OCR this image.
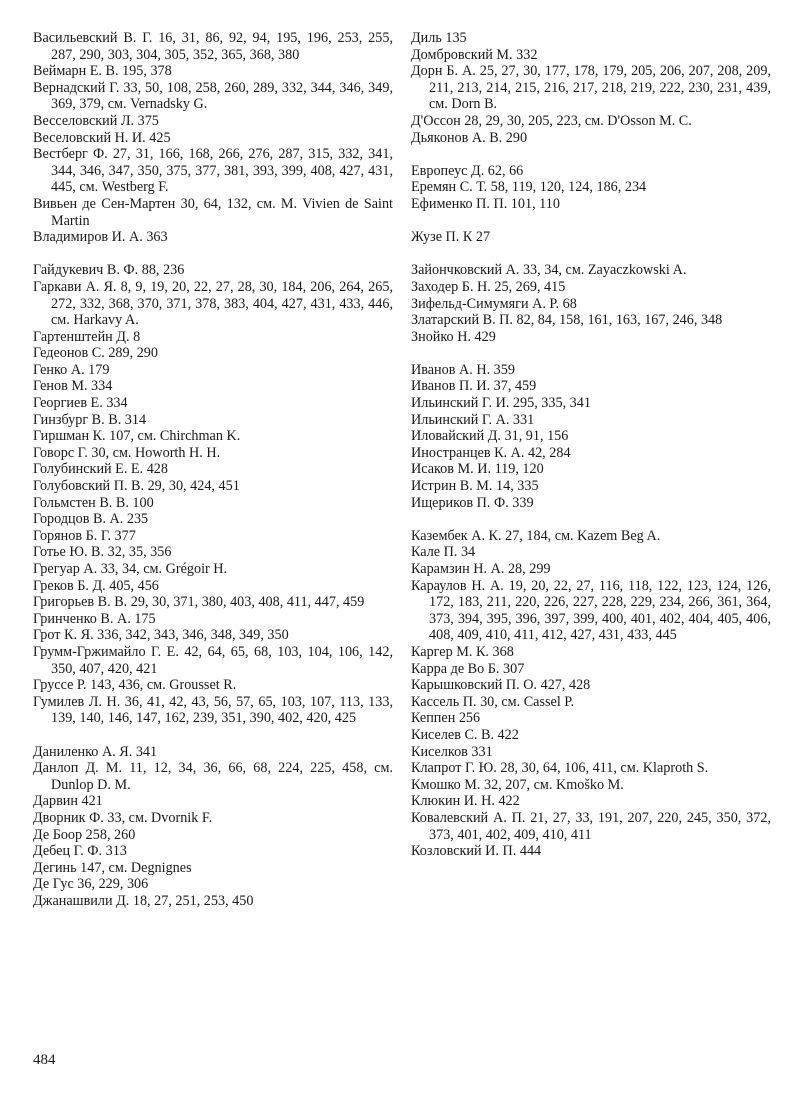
Васильевский В. Г. 16, 31, 86, 92, 94, 195, 196, 253, 255, 287, 290, 303, 304, 305, 352, 365, 368, 380

Веймарн Е. В. 195, 378

Вернадский Г. 33, 50, 108, 258, 260, 289, 332, 344, 346, 349, 369, 379, см. Vernadsky G.

Весселовский Л. 375

Веселовский Н. И. 425

Вестберг Ф. 27, 31, 166, 168, 266, 276, 287, 315, 332, 341, 344, 346, 347, 350, 375, 377, 381, 393, 399, 408, 427, 431, 445, см. Westberg F.

Вивьен де Сен-Мартен 30, 64, 132, см. M. Vivien de Saint Martin

Владимиров И. А. 363

Гайдукевич В. Ф. 88, 236

Гаркави А. Я. 8, 9, 19, 20, 22, 27, 28, 30, 184, 206, 264, 265, 272, 332, 368, 370, 371, 378, 383, 404, 427, 431, 433, 446, см. Harkavy A.

Гартенштейн Д. 8

Гедеонов С. 289, 290

Генко А. 179

Генов М. 334

Георгиев Е. 334

Гинзбург В. В. 314

Гиршман К. 107, см. Chirchman K.

Говорс Г. 30, см. Howorth H. H.

Голубинский Е. Е. 428

Голубовский П. В. 29, 30, 424, 451

Гольмстен В. В. 100

Городцов В. А. 235

Горянов Б. Г. 377

Готье Ю. В. 32, 35, 356

Грегуар А. 33, 34, см. Grégoir H.

Греков Б. Д. 405, 456

Григорьев В. В. 29, 30, 371, 380, 403, 408, 411, 447, 459

Гринченко В. А. 175

Грот К. Я. 336, 342, 343, 346, 348, 349, 350

Грумм-Гржимайло Г. Е. 42, 64, 65, 68, 103, 104, 106, 142, 350, 407, 420, 421

Груссе Р. 143, 436, см. Grousset R.

Гумилев Л. Н. 36, 41, 42, 43, 56, 57, 65, 103, 107, 113, 133, 139, 140, 146, 147, 162, 239, 351, 390, 402, 420, 425

Даниленко А. Я. 341

Данлоп Д. М. 11, 12, 34, 36, 66, 68, 224, 225, 458, см. Dunlop D. M.

Дарвин 421

Дворник Ф. 33, см. Dvornik F.

Де Боор 258, 260

Дебец Г. Ф. 313

Дегинь 147, см. Degnignes

Де Гус 36, 229, 306

Джанашвили Д. 18, 27, 251, 253, 450

Диль 135

Домбровский М. 332

Дорн Б. А. 25, 27, 30, 177, 178, 179, 205, 206, 207, 208, 209, 211, 213, 214, 215, 216, 217, 218, 219, 222, 230, 231, 439, см. Dorn B.

Д'Оссон 28, 29, 30, 205, 223, см. D'Osson M. C.

Дьяконов А. В. 290

Европеус Д. 62, 66

Еремян С. Т. 58, 119, 120, 124, 186, 234

Ефименко П. П. 101, 110

Жузе П. К 27

Зайончковский А. 33, 34, см. Zayaczkowski A.

Заходер Б. Н. 25, 269, 415

Зифельд-Симумяги А. Р. 68

Златарский В. П. 82, 84, 158, 161, 163, 167, 246, 348

Знойко Н. 429

Иванов А. Н. 359

Иванов П. И. 37, 459

Ильинский Г. И. 295, 335, 341

Ильинский Г. А. 331

Иловайский Д. 31, 91, 156

Иностранцев К. А. 42, 284

Исаков М. И. 119, 120

Истрин В. М. 14, 335

Ищериков П. Ф. 339

Казембек А. К. 27, 184, см. Kazem Beg A.

Кале П. 34

Карамзин Н. А. 28, 299

Караулов Н. А. 19, 20, 22, 27, 116, 118, 122, 123, 124, 126, 172, 183, 211, 220, 226, 227, 228, 229, 234, 266, 361, 364, 373, 394, 395, 396, 397, 399, 400, 401, 402, 404, 405, 406, 408, 409, 410, 411, 412, 427, 431, 433, 445

Каргер М. К. 368

Карра де Во Б. 307

Карышковский П. О. 427, 428

Кассель П. 30, см. Cassel P.

Кеппен 256

Киселев С. В. 422

Киселков 331

Клапрот Г. Ю. 28, 30, 64, 106, 411, см. Klaproth S.

Кмошко М. 32, 207, см. Kmoško M.

Клюкин И. Н. 422

Ковалевский А. П. 21, 27, 33, 191, 207, 220, 245, 350, 372, 373, 401, 402, 409, 410, 411

Козловский И. П. 444

484
